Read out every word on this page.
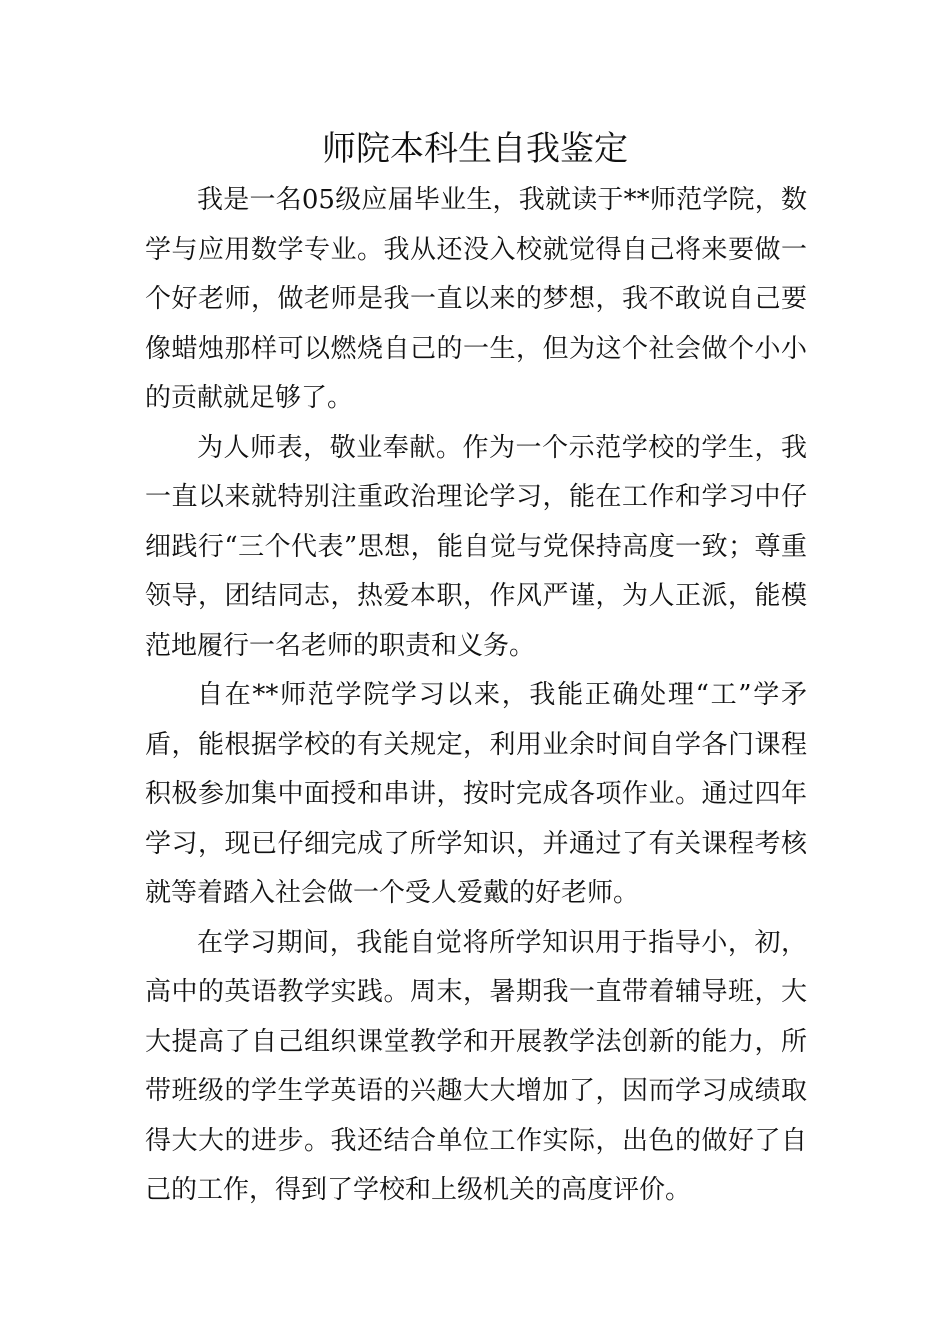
师院本科生自我鉴定

我是一名05级应届毕业生，我就读于**师范学院，数学与应用数学专业。我从还没入校就觉得自己将来要做一个好老师，做老师是我一直以来的梦想，我不敢说自己要像蜡烛那样可以燃烧自己的一生，但为这个社会做个小小的贡献就足够了。

为人师表，敬业奉献。作为一个示范学校的学生，我一直以来就特别注重政治理论学习，能在工作和学习中仔细践行“三个代表”思想，能自觉与党保持高度一致；尊重领导，团结同志，热爱本职，作风严谨，为人正派，能模范地履行一名老师的职责和义务。

自在**师范学院学习以来，我能正确处理“工”学矛盾，能根据学校的有关规定，利用业余时间自学各门课程积极参加集中面授和串讲，按时完成各项作业。通过四年学习，现已仔细完成了所学知识，并通过了有关课程考核就等着踏入社会做一个受人爱戴的好老师。

在学习期间，我能自觉将所学知识用于指导小，初，高中的英语教学实践。周末，暑期我一直带着辅导班，大大提高了自己组织课堂教学和开展教学法创新的能力，所带班级的学生学英语的兴趣大大增加了，因而学习成绩取得大大的进步。我还结合单位工作实际，出色的做好了自己的工作，得到了学校和上级机关的高度评价。
